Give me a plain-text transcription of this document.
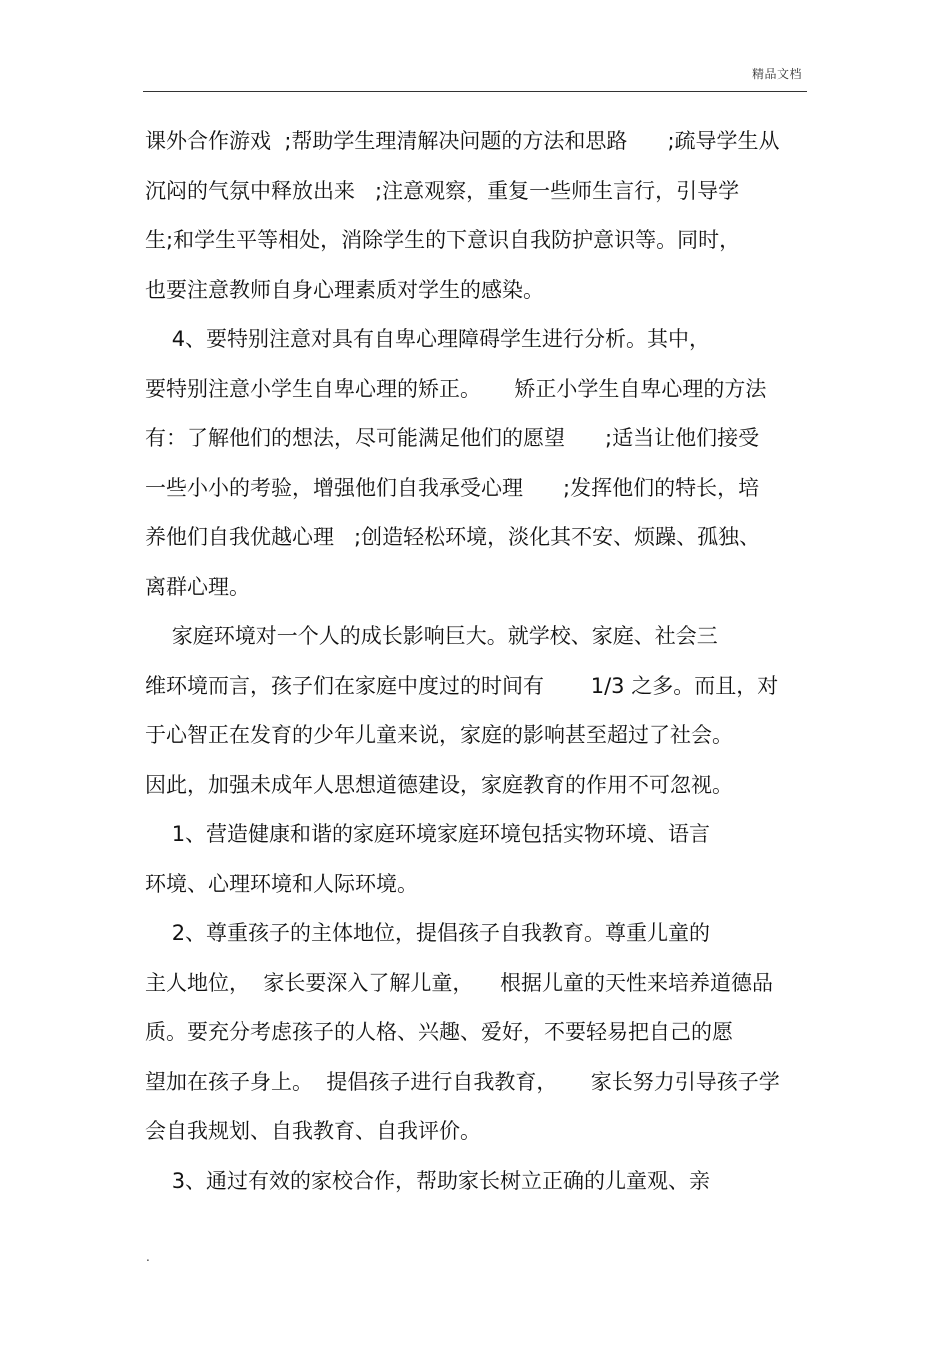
精品文档
课外合作游戏  ;帮助学生理清解决问题的方法和思路      ;疏导学生从
沉闷的气氛中释放出来   ;注意观察，重复一些师生言行，引导学
生;和学生平等相处，消除学生的下意识自我防护意识等。同时，
也要注意教师自身心理素质对学生的感染。
4、要特别注意对具有自卑心理障碍学生进行分析。其中，
要特别注意小学生自卑心理的矫正。     矫正小学生自卑心理的方法
有：了解他们的想法，尽可能满足他们的愿望      ;适当让他们接受
一些小小的考验，增强他们自我承受心理      ;发挥他们的特长，培
养他们自我优越心理   ;创造轻松环境，淡化其不安、烦躁、孤独、
离群心理。
家庭环境对一个人的成长影响巨大。就学校、家庭、社会三
维环境而言，孩子们在家庭中度过的时间有       1/3 之多。而且，对
于心智正在发育的少年儿童来说，家庭的影响甚至超过了社会。
因此，加强未成年人思想道德建设，家庭教育的作用不可忽视。
1、营造健康和谐的家庭环境家庭环境包括实物环境、语言
环境、心理环境和人际环境。
2、尊重孩子的主体地位，提倡孩子自我教育。尊重儿童的
主人地位，  家长要深入了解儿童，    根据儿童的天性来培养道德品
质。要充分考虑孩子的人格、兴趣、爱好，不要轻易把自己的愿
望加在孩子身上。  提倡孩子进行自我教育，     家长努力引导孩子学
会自我规划、自我教育、自我评价。
3、通过有效的家校合作，帮助家长树立正确的儿童观、亲
.
